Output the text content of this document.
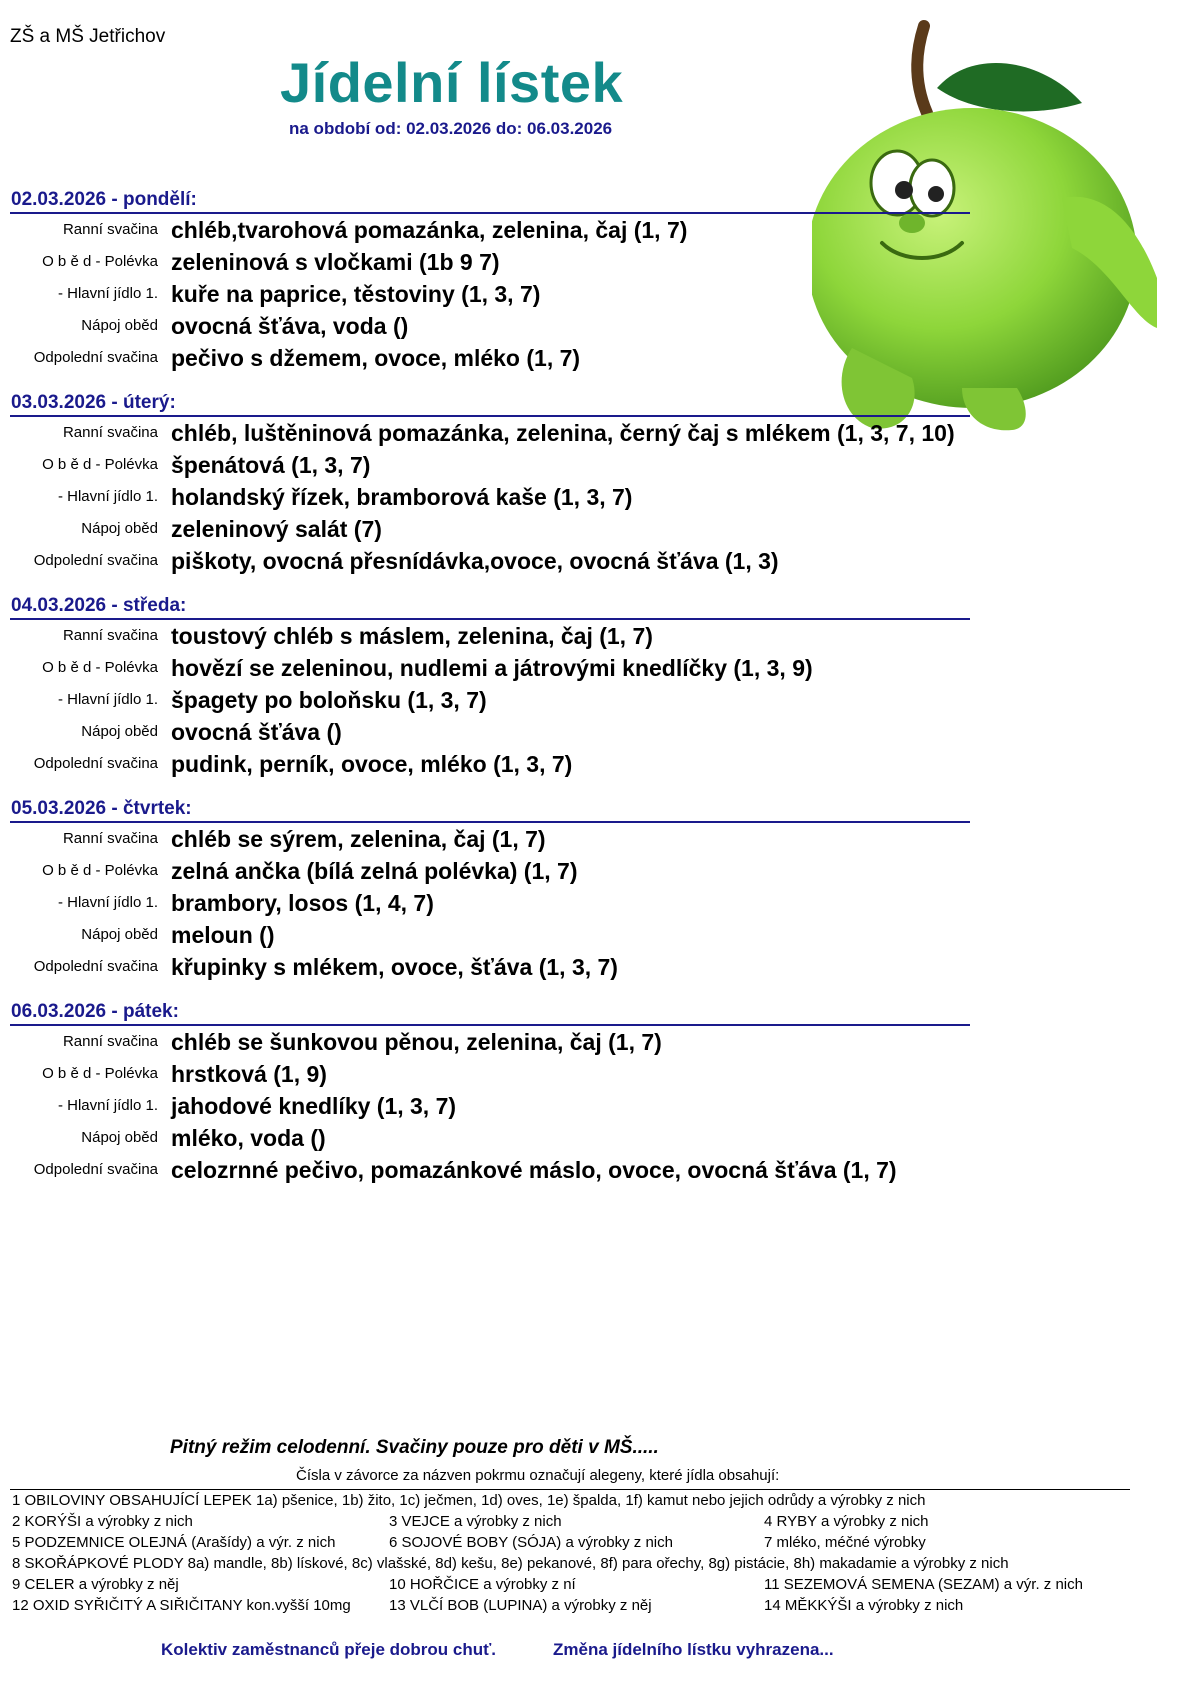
ZŠ a MŠ Jetřichov
Jídelní lístek
na období od: 02.03.2026 do: 06.03.2026
02.03.2026 - pondělí:
Ranní svačina chléb,tvarohová pomazánka, zelenina, čaj (1, 7)
O b ě d - Polévka zeleninová s vločkami (1b 9 7)
- Hlavní jídlo 1. kuře na paprice, těstoviny (1, 3, 7)
Nápoj oběd ovocná šťáva, voda ()
Odpolední svačina pečivo s džemem, ovoce, mléko (1, 7)
03.03.2026 - úterý:
Ranní svačina chléb, luštěninová pomazánka, zelenina, černý čaj s mlékem (1, 3, 7, 10)
O b ě d - Polévka špenátová (1, 3, 7)
- Hlavní jídlo 1. holandský řízek, bramborová kaše (1, 3, 7)
Nápoj oběd zeleninový salát (7)
Odpolední svačina piškoty, ovocná přesnídávka,ovoce, ovocná šťáva (1, 3)
04.03.2026 - středa:
Ranní svačina toustový chléb s máslem, zelenina, čaj (1, 7)
O b ě d - Polévka hovězí se zeleninou, nudlemi a játrovými knedlíčky (1, 3, 9)
- Hlavní jídlo 1. špagety po boloňsku (1, 3, 7)
Nápoj oběd ovocná šťáva ()
Odpolední svačina pudink, perník, ovoce, mléko (1, 3, 7)
05.03.2026 - čtvrtek:
Ranní svačina chléb se sýrem, zelenina, čaj (1, 7)
O b ě d - Polévka zelná ančka (bílá zelná polévka) (1, 7)
- Hlavní jídlo 1. brambory, losos (1, 4, 7)
Nápoj oběd meloun ()
Odpolední svačina křupinky s mlékem, ovoce, šťáva (1, 3, 7)
06.03.2026 - pátek:
Ranní svačina chléb se šunkovou pěnou, zelenina, čaj (1, 7)
O b ě d - Polévka hrstková (1, 9)
- Hlavní jídlo 1. jahodové knedlíky (1, 3, 7)
Nápoj oběd mléko, voda ()
Odpolední svačina celozrnné pečivo, pomazánkové máslo, ovoce, ovocná šťáva (1, 7)
Pitný režim celodenní. Svačiny pouze pro děti v MŠ.....
Čísla v závorce za názven pokrmu označují alegeny, které jídla obsahují:
1 OBILOVINY OBSAHUJÍCÍ LEPEK 1a) pšenice, 1b) žito, 1c) ječmen, 1d) oves, 1e) špalda, 1f) kamut nebo jejich odrůdy a výrobky z nich
2 KORÝŠI a výrobky z nich	3 VEJCE a výrobky z nich	4 RYBY a výrobky z nich
5 PODZEMNICE OLEJNÁ (Arašídy) a výr. z nich	6 SOJOVÉ BOBY (SÓJA) a výrobky z nich	7 mléko, méčné výrobky
8 SKOŘÁPKOVÉ PLODY 8a) mandle, 8b) lískové, 8c) vlašské, 8d) kešu, 8e) pekanové, 8f) para ořechy, 8g) pistácie, 8h) makadamie a výrobky z nich
9 CELER a výrobky z něj	10 HOŘČICE a výrobky z ní	11 SEZEMOVÁ SEMENA (SEZAM) a výr. z nich
12 OXID SYŘIČITÝ A SIŘIČITANY kon.vyšší 10mg	13 VLČÍ BOB (LUPINA) a výrobky z něj	14 MĚKKÝŠI a výrobky z nich
Kolektiv zaměstnanců přeje dobrou chuť.	Změna jídelního lístku vyhrazena...
